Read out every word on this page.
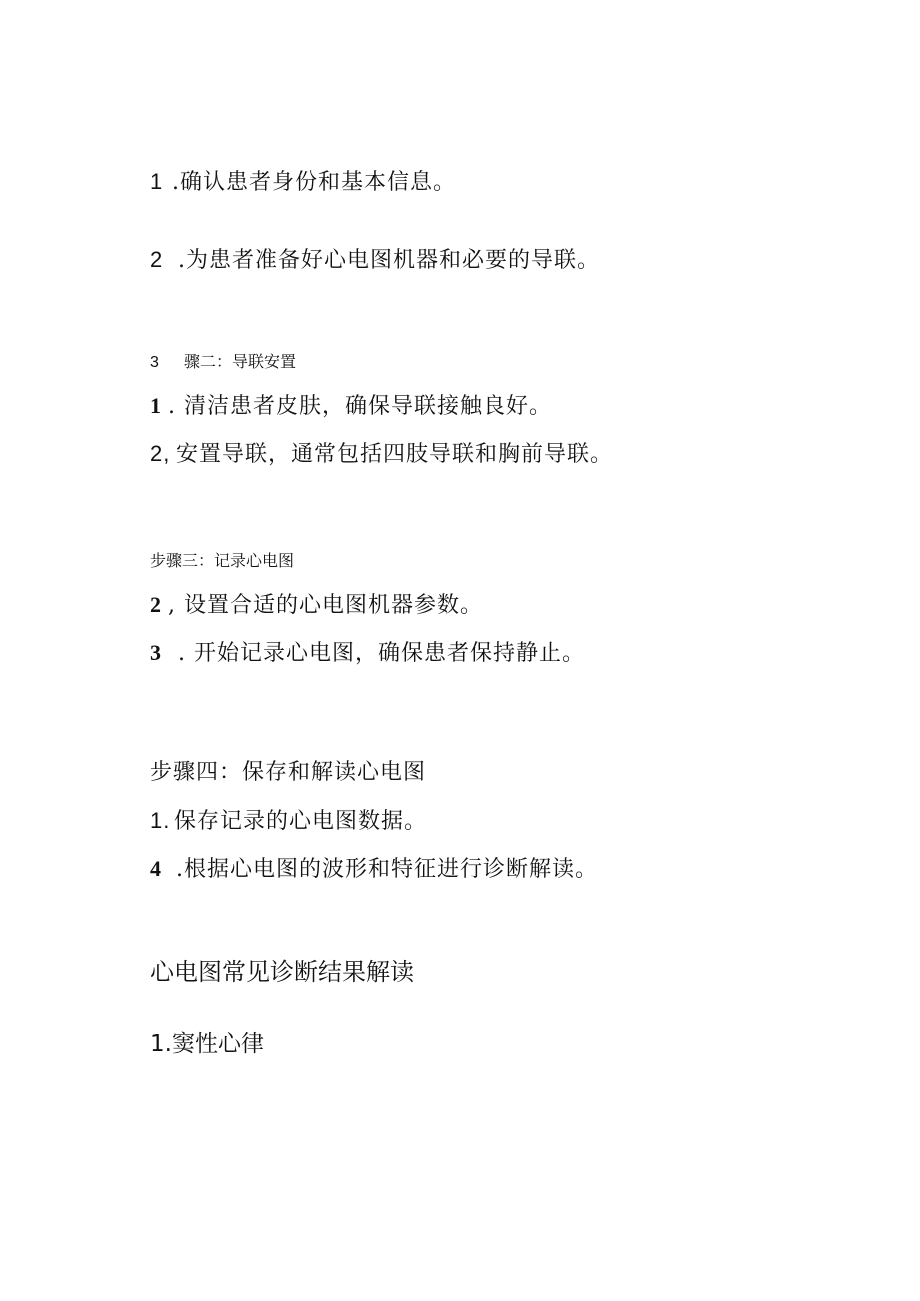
1 .确认患者身份和基本信息。
2 .为患者准备好心电图机器和必要的导联。
3 骤二：导联安置
1 . 清洁患者皮肤，确保导联接触良好。
2, 安置导联，通常包括四肢导联和胸前导联。
步骤三：记录心电图
2 , 设置合适的心电图机器参数。
3 . 开始记录心电图，确保患者保持静止。
步骤四：保存和解读心电图
1. 保存记录的心电图数据。
4 .根据心电图的波形和特征进行诊断解读。
心电图常见诊断结果解读
1.窦性心律
